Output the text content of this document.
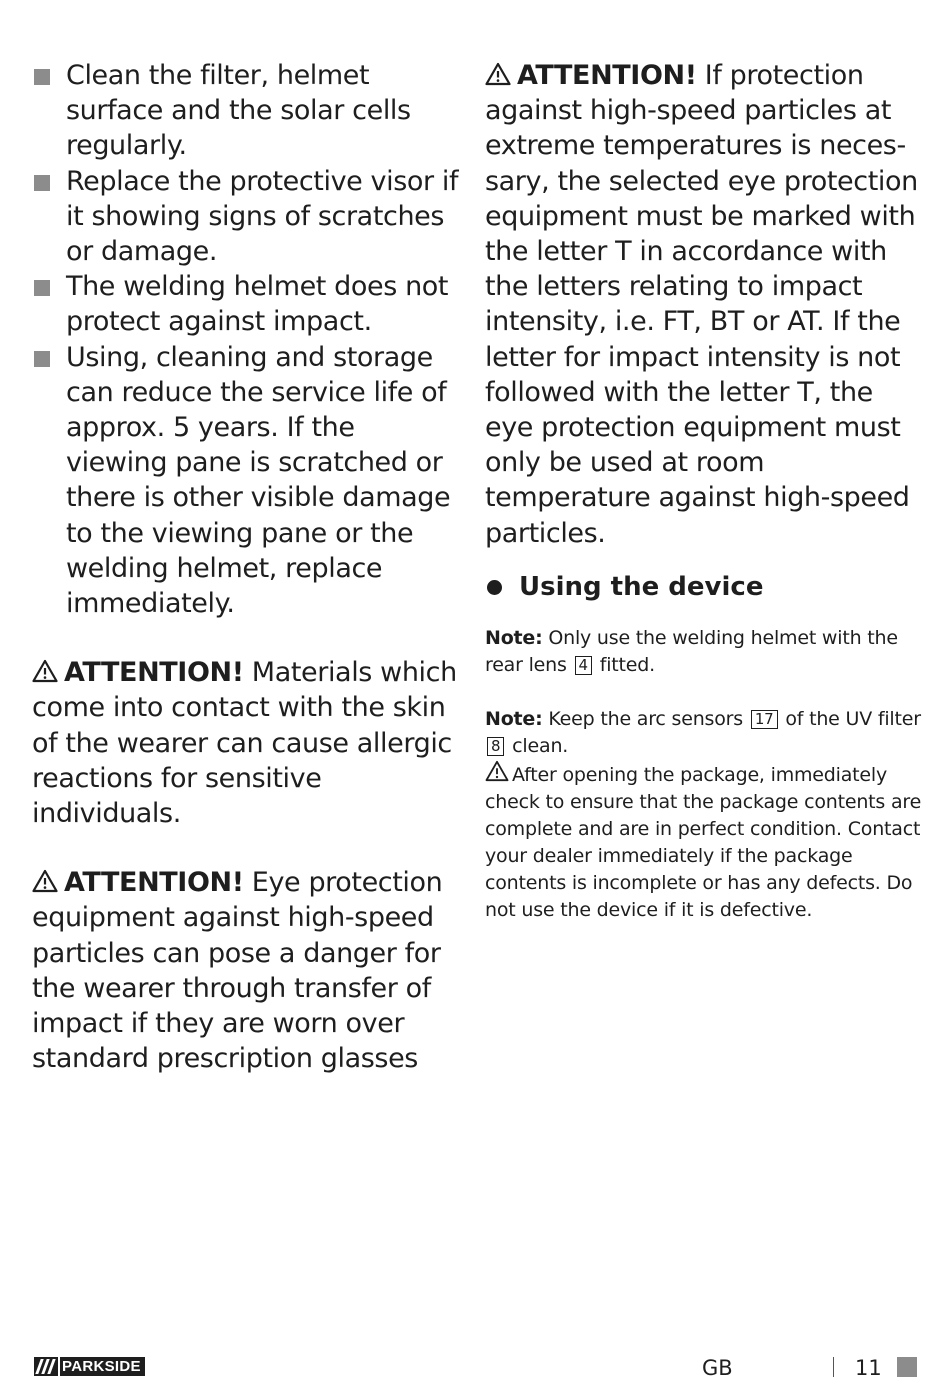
Clean the filter, helmet surface and the solar cells regularly.
Replace the protective visor if it showing signs of scratches or damage.
The welding helmet does not protect against impact.
Using, cleaning and storage can reduce the service life of approx. 5 years. If the viewing pane is scratched or there is other visible damage to the viewing pane or the welding helmet, replace immediately.

ATTENTION! Materials which come into contact with the skin of the wearer can cause allergic reactions for sensitive individuals.

ATTENTION! Eye protection equipment against high-speed particles can pose a danger for the wearer through transfer of impact if they are worn over standard prescription glasses

ATTENTION! If protection against high-speed particles at extreme temperatures is neces-sary, the selected eye protection equipment must be marked with the letter T in accordance with the letters relating to impact intensity, i.e. FT, BT or AT. If the letter for impact intensity is not followed with the letter T, the eye protection equipment must only be used at room temperature against high-speed particles.

Using the device

Note: Only use the welding helmet with the rear lens 4 fitted.

Note: Keep the arc sensors 17 of the UV filter 8 clean.

After opening the package, immediately check to ensure that the package contents are complete and are in perfect condition. Contact your dealer immediately if the package contents is incomplete or has any defects. Do not use the device if it is defective.

PARKSIDE	GB	11
